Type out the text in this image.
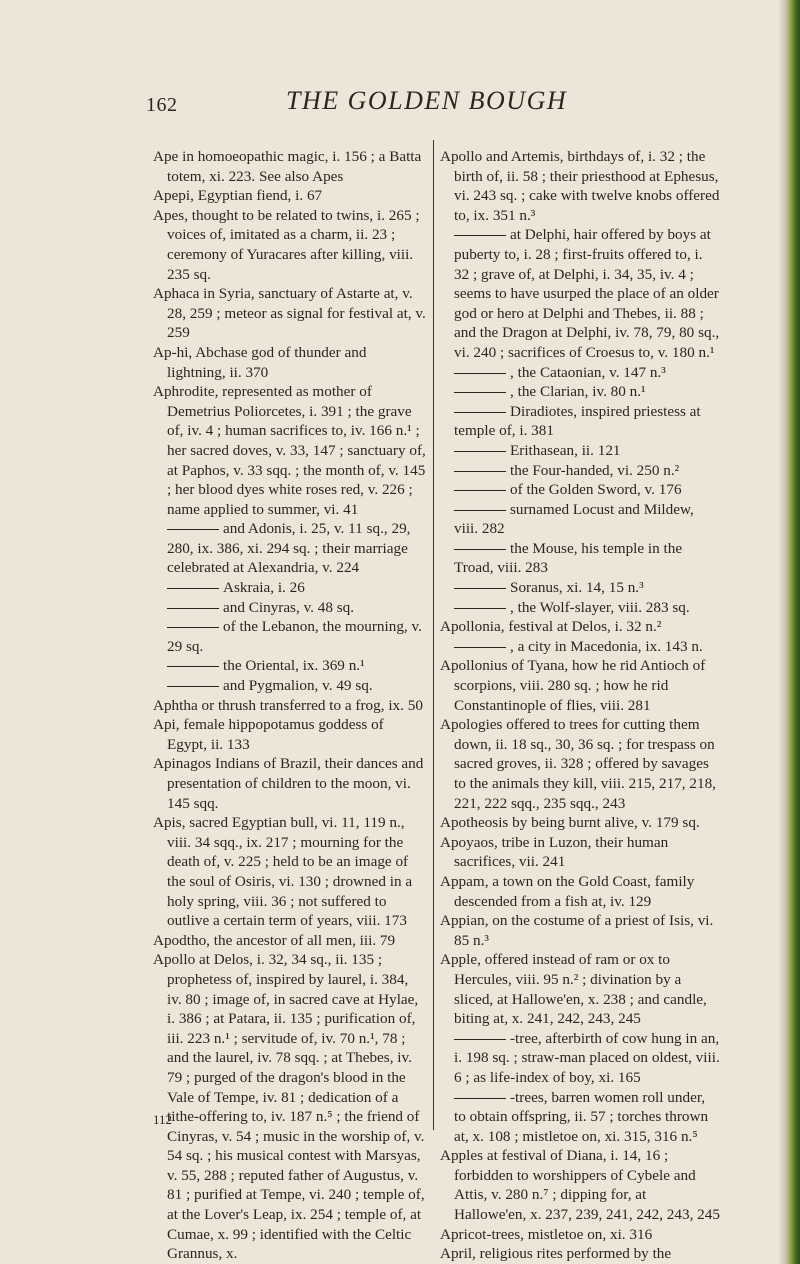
162	THE GOLDEN BOUGH

Ape in homoeopathic magic, i. 156 ; a Batta totem, xi. 223. See also Apes

Apepi, Egyptian fiend, i. 67

Apes, thought to be related to twins, i. 265 ; voices of, imitated as a charm, ii. 23 ; ceremony of Yuracares after killing, viii. 235 sq.

Aphaca in Syria, sanctuary of Astarte at, v. 28, 259 ; meteor as signal for festival at, v. 259

Ap-hi, Abchase god of thunder and lightning, ii. 370

Aphrodite, represented as mother of Demetrius Poliorcetes, i. 391 ; the grave of, iv. 4 ; human sacrifices to, iv. 166 n.¹ ; her sacred doves, v. 33, 147 ; sanctuary of, at Paphos, v. 33 sqq. ; the month of, v. 145 ; her blood dyes white roses red, v. 226 ; name applied to summer, vi. 41

and Adonis, i. 25, v. 11 sq., 29, 280, ix. 386, xi. 294 sq. ; their marriage celebrated at Alexandria, v. 224

Askraia, i. 26

and Cinyras, v. 48 sq.

of the Lebanon, the mourning, v. 29 sq.

the Oriental, ix. 369 n.¹

and Pygmalion, v. 49 sq.

Aphtha or thrush transferred to a frog, ix. 50

Api, female hippopotamus goddess of Egypt, ii. 133

Apinagos Indians of Brazil, their dances and presentation of children to the moon, vi. 145 sqq.

Apis, sacred Egyptian bull, vi. 11, 119 n., viii. 34 sqq., ix. 217 ; mourning for the death of, v. 225 ; held to be an image of the soul of Osiris, vi. 130 ; drowned in a holy spring, viii. 36 ; not suffered to outlive a certain term of years, viii. 173

Apodtho, the ancestor of all men, iii. 79

Apollo at Delos, i. 32, 34 sq., ii. 135 ; prophetess of, inspired by laurel, i. 384, iv. 80 ; image of, in sacred cave at Hylae, i. 386 ; at Patara, ii. 135 ; purification of, iii. 223 n.¹ ; servitude of, iv. 70 n.¹, 78 ; and the laurel, iv. 78 sqq. ; at Thebes, iv. 79 ; purged of the dragon's blood in the Vale of Tempe, iv. 81 ; dedication of a tithe-offering to, iv. 187 n.⁵ ; the friend of Cinyras, v. 54 ; music in the worship of, v. 54 sq. ; his musical contest with Marsyas, v. 55, 288 ; reputed father of Augustus, v. 81 ; purified at Tempe, vi. 240 ; temple of, at the Lover's Leap, ix. 254 ; temple of, at Cumae, x. 99 ; identified with the Celtic Grannus, x.

Apollo and Artemis, birthdays of, i. 32 ; the birth of, ii. 58 ; their priesthood at Ephesus, vi. 243 sq. ; cake with twelve knobs offered to, ix. 351 n.³

at Delphi, hair offered by boys at puberty to, i. 28 ; first-fruits offered to, i. 32 ; grave of, at Delphi, i. 34, 35, iv. 4 ; seems to have usurped the place of an older god or hero at Delphi and Thebes, ii. 88 ; and the Dragon at Delphi, iv. 78, 79, 80 sq., vi. 240 ; sacrifices of Croesus to, v. 180 n.¹

, the Cataonian, v. 147 n.³

, the Clarian, iv. 80 n.¹

Diradiotes, inspired priestess at temple of, i. 381

Erithasean, ii. 121

the Four-handed, vi. 250 n.²

of the Golden Sword, v. 176

surnamed Locust and Mildew, viii. 282

the Mouse, his temple in the Troad, viii. 283

Soranus, xi. 14, 15 n.³

, the Wolf-slayer, viii. 283 sq.

Apollonia, festival at Delos, i. 32 n.²

, a city in Macedonia, ix. 143 n.

Apollonius of Tyana, how he rid Antioch of scorpions, viii. 280 sq. ; how he rid Constantinople of flies, viii. 281

Apologies offered to trees for cutting them down, ii. 18 sq., 30, 36 sq. ; for trespass on sacred groves, ii. 328 ; offered by savages to the animals they kill, viii. 215, 217, 218, 221, 222 sqq., 235 sqq., 243

Apotheosis by being burnt alive, v. 179 sq.

Apoyaos, tribe in Luzon, their human sacrifices, vii. 241

Appam, a town on the Gold Coast, family descended from a fish at, iv. 129

Appian, on the costume of a priest of Isis, vi. 85 n.³

Apple, offered instead of ram or ox to Hercules, viii. 95 n.² ; divination by a sliced, at Hallowe'en, x. 238 ; and candle, biting at, x. 241, 242, 243, 245

-tree, afterbirth of cow hung in an, i. 198 sq. ; straw-man placed on oldest, viii. 6 ; as life-index of boy, xi. 165

-trees, barren women roll under, to obtain offspring, ii. 57 ; torches thrown at, x. 108 ; mistletoe on, xi. 315, 316 n.⁵

Apples at festival of Diana, i. 14, 16 ; forbidden to worshippers of Cybele and Attis, v. 280 n.⁷ ; dipping for, at Hallowe'en, x. 237, 239, 241, 242, 243, 245

Apricot-trees, mistletoe on, xi. 316

April, religious rites performed by the

112
